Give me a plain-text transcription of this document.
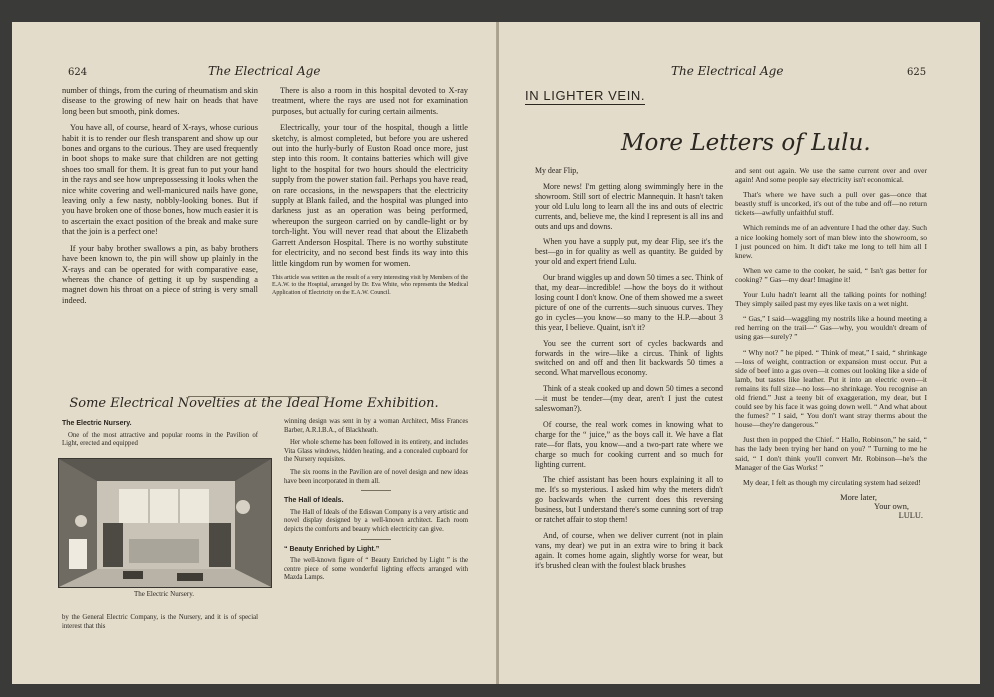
624	The Electrical Age

number of things, from the curing of rheumatism and skin disease to the growing of new hair on heads that have long been but smooth, pink domes.

You have all, of course, heard of X-rays, whose curious habit it is to render our flesh transparent and show up our bones and organs to the curious. They are used frequently in boot shops to make sure that children are not getting shoes too small for them. It is great fun to put your hand in the rays and see how unprepossessing it looks when the nice white covering and well-manicured nails have gone, leaving only a few nasty, nobbly-looking bones. But if you have broken one of those bones, how much easier it is to ascertain the exact position of the break and make sure that the join is a perfect one!

If your baby brother swallows a pin, as baby brothers have been known to, the pin will show up plainly in the X-rays and can be operated for with comparative ease, whereas the chance of getting it up by suspending a magnet down his throat on a piece of string is very small indeed.

There is also a room in this hospital devoted to X-ray treatment, where the rays are used not for examination purposes, but actually for curing certain ailments.

Electrically, your tour of the hospital, though a little sketchy, is almost completed, but before you are ushered out into the hurly-burly of Euston Road once more, just step into this room. It contains batteries which will give light to the hospital for two hours should the electricity supply from the power station fail. Perhaps you have read, on rare occasions, in the newspapers that the electricity supply at Blank failed, and the hospital was plunged into darkness just as an operation was being performed, whereupon the surgeon carried on by candle-light or by torch-light. You will never read that about the Elizabeth Garrett Anderson Hospital. There is no worthy substitute for electricity, and no second best finds its way into this little kingdom run by women for women.

This article was written as the result of a very interesting visit by Members of the E.A.W. to the Hospital, arranged by Dr. Eva White, who represents the Medical Application of Electricity on the E.A.W. Council.
Some Electrical Novelties at the Ideal Home Exhibition.
The Electric Nursery.

One of the most attractive and popular rooms in the Pavilion of Light, erected and equipped

The Electric Nursery.

by the General Electric Company, is the Nursery, and it is of special interest that this

winning design was sent in by a woman Architect, Miss Frances Barber, A.R.I.B.A., of Blackheath.

Her whole scheme has been followed in its entirety, and includes Vita Glass windows, hidden heating, and a concealed cupboard for the Nursery requisites.

The six rooms in the Pavilion are of novel design and new ideas have been incorporated in them all.

The Hall of Ideals.

The Hall of Ideals of the Ediswan Company is a very artistic and novel display designed by a well-known architect. Each room depicts the comforts and beauty which electricity can give.

“ Beauty Enriched by Light.”

The well-known figure of “ Beauty Enriched by Light ” is the centre piece of some wonderful lighting effects arranged with Mazda Lamps.

The Electrical Age	625
IN LIGHTER VEIN.
More Letters of Lulu.

My dear Flip,

More news! I'm getting along swimmingly here in the showroom. Still sort of electric Mannequin. It hasn't taken your old Lulu long to learn all the ins and outs of electric currents, and, believe me, the kind I represent is all ins and outs and ups and downs.

When you have a supply put, my dear Flip, see it's the best—go in for quality as well as quantity. Be guided by your old and expert friend Lulu.

Our brand wiggles up and down 50 times a sec. Think of that, my dear—incredible! —how the boys do it without losing count I don't know. One of them showed me a sweet picture of one of the currents—such sinuous curves. They go in cycles—you know—so many to the H.P.—about 3 this year, I believe. Quaint, isn't it?

You see the current sort of cycles backwards and forwards in the wire—like a circus. Think of lights switched on and off and then lit backwards 50 times a second. What marvellous economy.

Think of a steak cooked up and down 50 times a second—it must be tender—(my dear, aren't I just the cutest saleswoman?).

Of course, the real work comes in knowing what to charge for the “ juice,” as the boys call it. We have a flat rate—for flats, you know—and a two-part rate where we charge so much for cooking current and so much for lighting current.

The chief assistant has been hours explaining it all to me. It's so mysterious. I asked him why the meters didn't go backwards when the current does this reversing business, but I understand there's some cunning sort of trap or ratchet affair to stop them!

And, of course, when we deliver current (not in plain vans, my dear) we put in an extra wire to bring it back again. It comes home again, slightly worse for wear, but it's brushed clean with the foulest black brushes

and sent out again. We use the same current over and over again! And some people say electricity isn't economical.

That's where we have such a pull over gas—once that beastly stuff is uncorked, it's out of the tube and off—no return tickets—awfully unfaithful stuff.

Which reminds me of an adventure I had the other day. Such a nice looking homely sort of man blew into the showroom, so I just pounced on him. It did't take me long to tell him all I knew.

When we came to the cooker, he said, “ Isn't gas better for cooking? ” Gas—my dear! Imagine it!

Your Lulu hadn't learnt all the talking points for nothing! They simply sailed past my eyes like taxis on a wet night.

“ Gas,” I said—waggling my nostrils like a hound meeting a red herring on the trail—“ Gas—why, you wouldn't dream of using gas—surely? ”

“ Why not? ” he piped. “ Think of meat,” I said, “ shrinkage—loss of weight, contraction or expansion must occur. Put a side of beef into a gas oven—it comes out looking like a side of lamb, but tastes like leather. Put it into an electric oven—it remains its full size—no loss—no shrinkage. You recognise an old friend.” Just a teeny bit of exaggeration, my dear, but I could see by his face it was going down well. “ And what about the fumes? ” I said, “ You don't want stray therms about the house—they're dangerous.”

Just then in popped the Chief. “ Hallo, Robinson,” he said, “ has the lady been trying her hand on you? ” Turning to me he said, “ I don't think you'll convert Mr. Robinson—he's the Manager of the Gas Works! ”

My dear, I felt as though my circulating system had seized!

More later,
Your own,
LULU.
